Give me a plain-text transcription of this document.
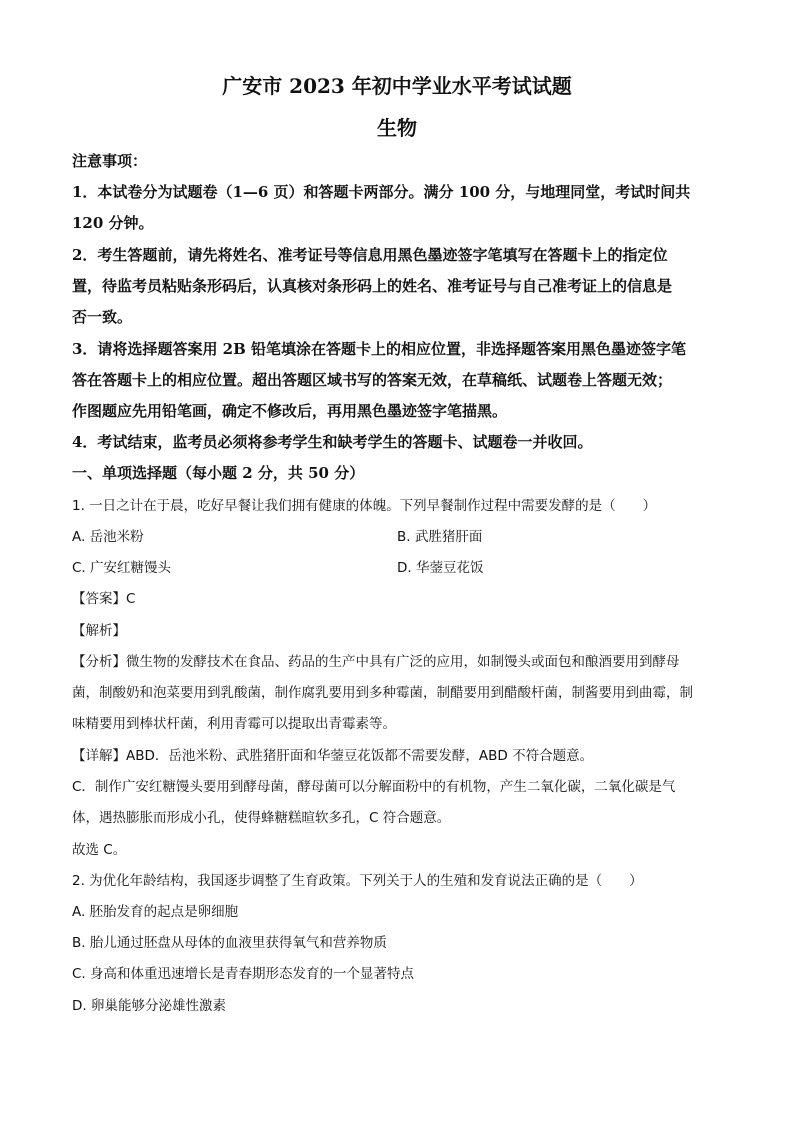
广安市 2023 年初中学业水平考试试题
生物
注意事项：
1．本试卷分为试题卷（1—6 页）和答题卡两部分。满分 100 分，与地理同堂，考试时间共
120 分钟。
2．考生答题前，请先将姓名、准考证号等信息用黑色墨迹签字笔填写在答题卡上的指定位
置，待监考员粘贴条形码后，认真核对条形码上的姓名、准考证号与自己准考证上的信息是
否一致。
3．请将选择题答案用 2B 铅笔填涂在答题卡上的相应位置，非选择题答案用黑色墨迹签字笔
答在答题卡上的相应位置。超出答题区域书写的答案无效，在草稿纸、试题卷上答题无效；
作图题应先用铅笔画，确定不修改后，再用黑色墨迹签字笔描黑。
4．考试结束，监考员必须将参考学生和缺考学生的答题卡、试题卷一并收回。
一、单项选择题（每小题 2 分，共 50 分）
1. 一日之计在于晨，吃好早餐让我们拥有健康的体魄。下列早餐制作过程中需要发酵的是（　　）
A. 岳池米粉	B. 武胜猪肝面
C. 广安红糖馒头	D. 华蓥豆花饭
【答案】C
【解析】
【分析】微生物的发酵技术在食品、药品的生产中具有广泛的应用，如制馒头或面包和酿酒要用到酵母
菌，制酸奶和泡菜要用到乳酸菌，制作腐乳要用到多种霉菌，制醋要用到醋酸杆菌，制酱要用到曲霉，制
味精要用到棒状杆菌，利用青霉可以提取出青霉素等。
【详解】ABD．岳池米粉、武胜猪肝面和华蓥豆花饭都不需要发酵，ABD 不符合题意。
C．制作广安红糖馒头要用到酵母菌，酵母菌可以分解面粉中的有机物，产生二氧化碳，二氧化碳是气
体，遇热膨胀而形成小孔，使得蜂糖糕暄软多孔，C 符合题意。
故选 C。
2. 为优化年龄结构，我国逐步调整了生育政策。下列关于人的生殖和发育说法正确的是（　　）
A. 胚胎发育的起点是卵细胞
B. 胎儿通过胚盘从母体的血液里获得氧气和营养物质
C. 身高和体重迅速增长是青春期形态发育的一个显著特点
D. 卵巢能够分泌雄性激素
